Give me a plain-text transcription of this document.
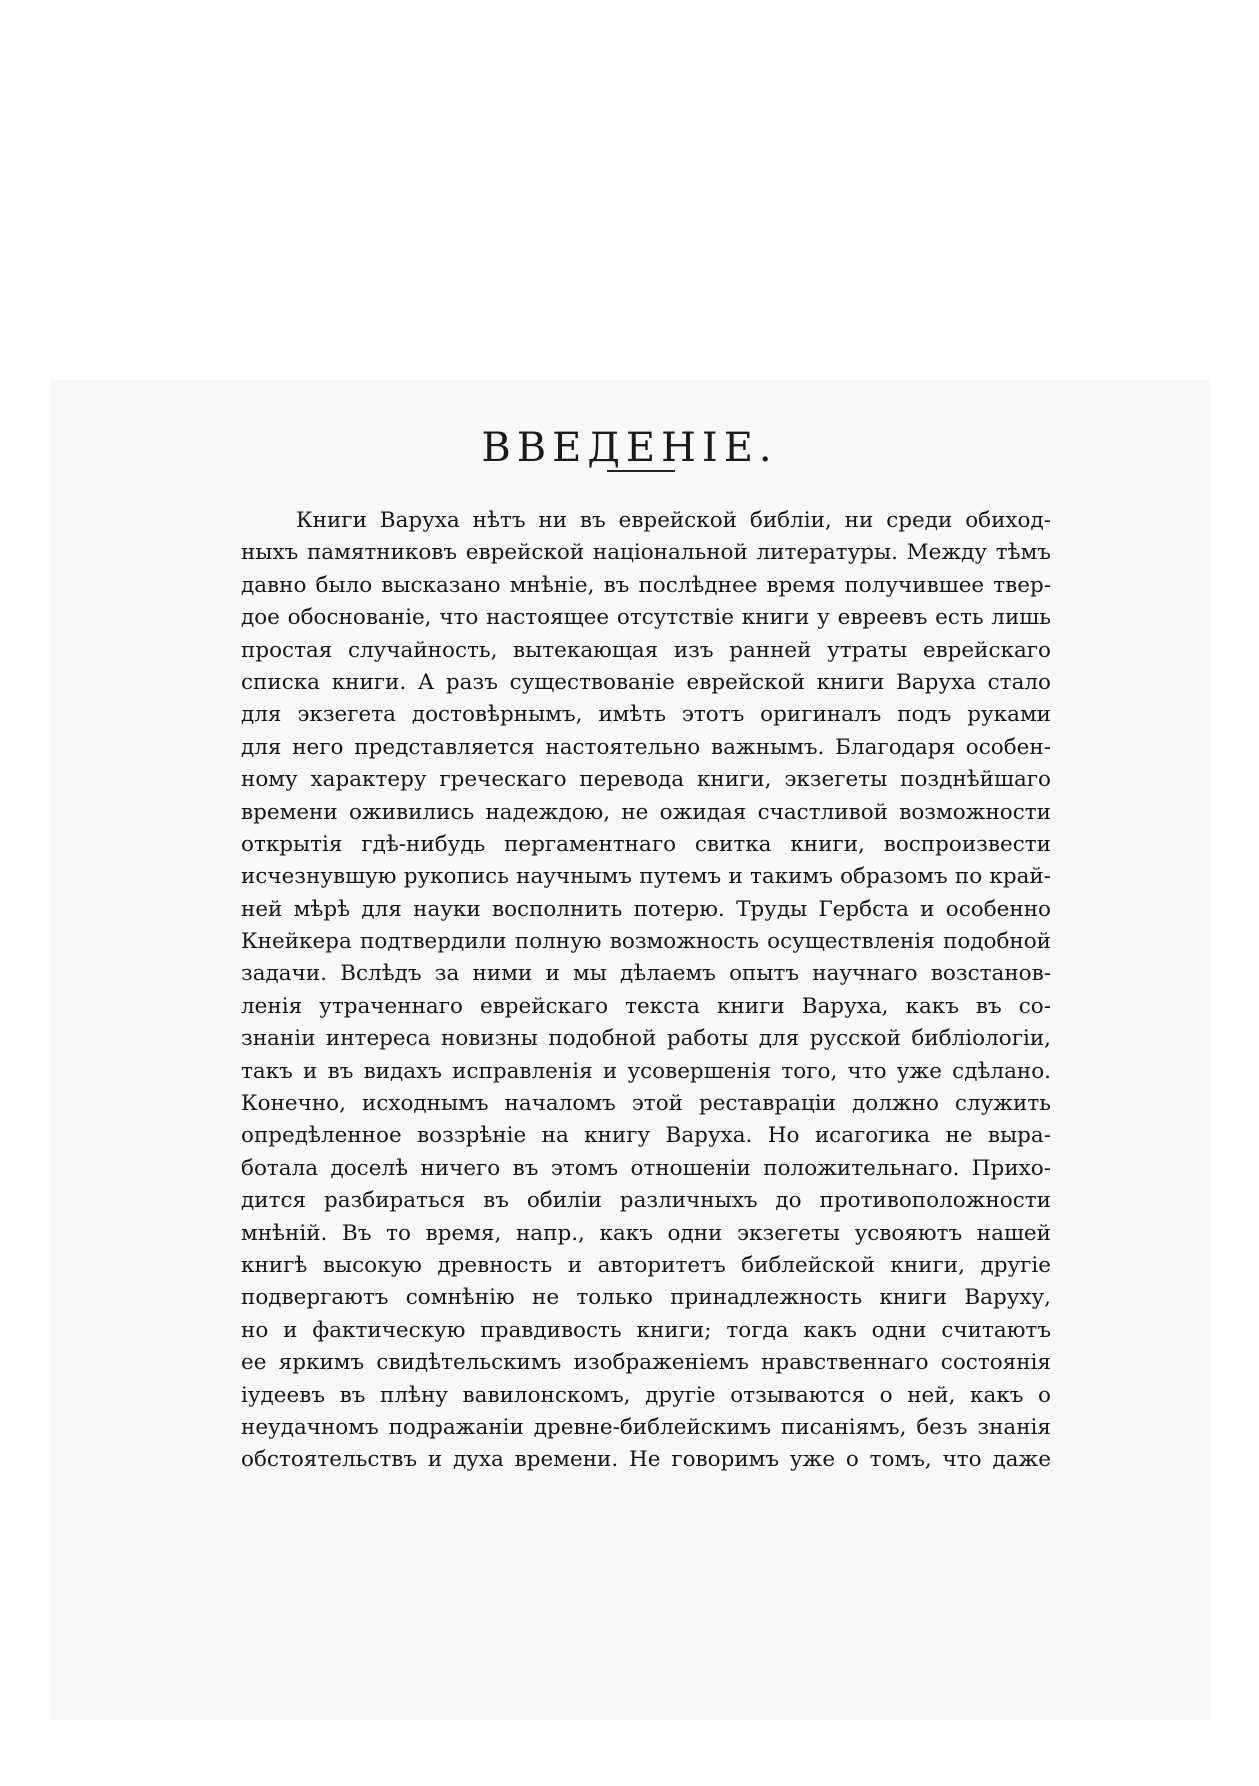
ВВЕДЕНІЕ.
Книги Варуха нѣтъ ни въ еврейской библіи, ни среди обиход-
ныхъ памятниковъ еврейской національной литературы. Между тѣмъ
давно было высказано мнѣніе, въ послѣднее время получившее твер-
дое обоснованіе, что настоящее отсутствіе книги у евреевъ есть лишь
простая случайность, вытекающая изъ ранней утраты еврейскаго
списка книги. А разъ существованіе еврейской книги Варуха стало
для экзегета достовѣрнымъ, имѣть этотъ оригиналъ подъ руками
для него представляется настоятельно важнымъ. Благодаря особен-
ному характеру греческаго перевода книги, экзегеты позднѣйшаго
времени оживились надеждою, не ожидая счастливой возможности
открытія гдѣ-нибудь пергаментнаго свитка книги, воспроизвести
исчезнувшую рукопись научнымъ путемъ и такимъ образомъ по край-
ней мѣрѣ для науки восполнить потерю. Труды Гербста и особенно
Кнейкера подтвердили полную возможность осуществленія подобной
задачи. Вслѣдъ за ними и мы дѣлаемъ опытъ научнаго возстанов-
ленія утраченнаго еврейскаго текста книги Варуха, какъ въ со-
знаніи интереса новизны подобной работы для русской библіологіи,
такъ и въ видахъ исправленія и усовершенія того, что уже сдѣлано.
Конечно, исходнымъ началомъ этой реставраціи должно служить
опредѣленное воззрѣніе на книгу Варуха. Но исагогика не выра-
ботала доселѣ ничего въ этомъ отношеніи положительнаго. Прихо-
дится разбираться въ обиліи различныхъ до противоположности
мнѣній. Въ то время, напр., какъ одни экзегеты усвояютъ нашей
книгѣ высокую древность и авторитетъ библейской книги, другіе
подвергаютъ сомнѣнію не только принадлежность книги Варуху,
но и фактическую правдивость книги; тогда какъ одни считаютъ
ее яркимъ свидѣтельскимъ изображеніемъ нравственнаго состоянія
іудеевъ въ плѣну вавилонскомъ, другіе отзываются о ней, какъ о
неудачномъ подражаніи древне-библейскимъ писаніямъ, безъ знанія
обстоятельствъ и духа времени. Не говоримъ уже о томъ, что даже
